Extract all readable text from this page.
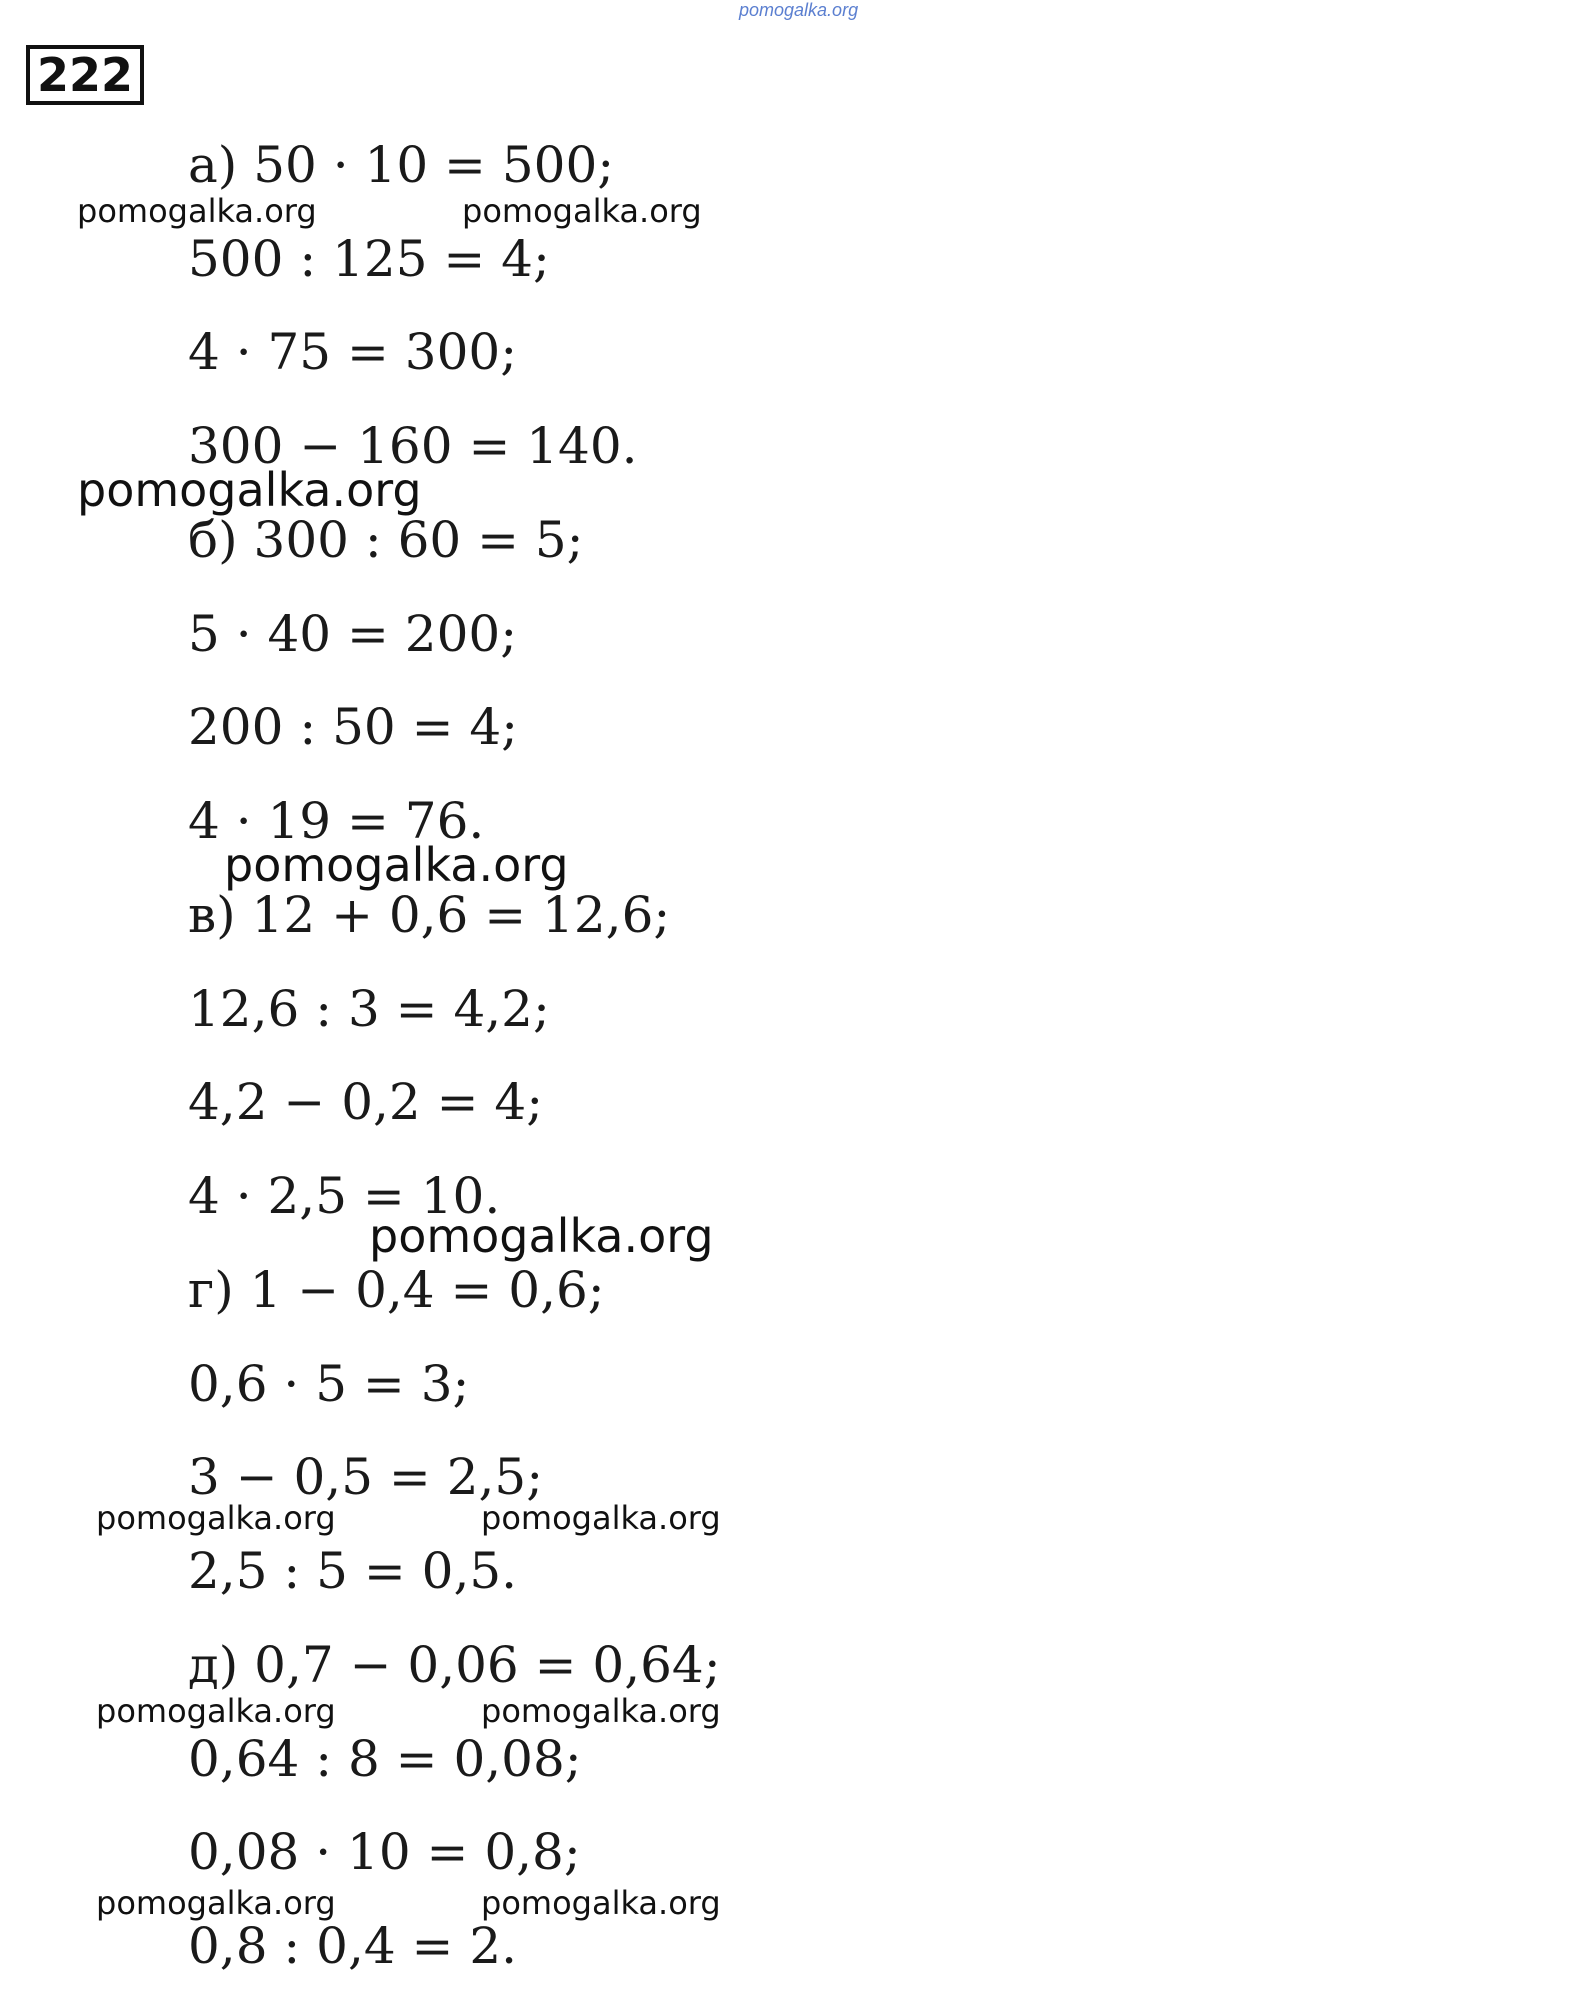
pomogalka.org
222
а) 50 · 10 = 500;
500 : 125 = 4;
4 · 75 = 300;
300 − 160 = 140.
б) 300 : 60 = 5;
5 · 40 = 200;
200 : 50 = 4;
4 · 19 = 76.
в) 12 + 0,6 = 12,6;
12,6 : 3 = 4,2;
4,2 − 0,2 = 4;
4 · 2,5 = 10.
г) 1 − 0,4 = 0,6;
0,6 · 5 = 3;
3 − 0,5 = 2,5;
2,5 : 5 = 0,5.
д) 0,7 − 0,06 = 0,64;
0,64 : 8 = 0,08;
0,08 · 10 = 0,8;
0,8 : 0,4 = 2.
pomogalka.org	pomogalka.org
pomogalka.org
pomogalka.org
pomogalka.org
pomogalka.org	pomogalka.org
pomogalka.org	pomogalka.org
pomogalka.org	pomogalka.org
